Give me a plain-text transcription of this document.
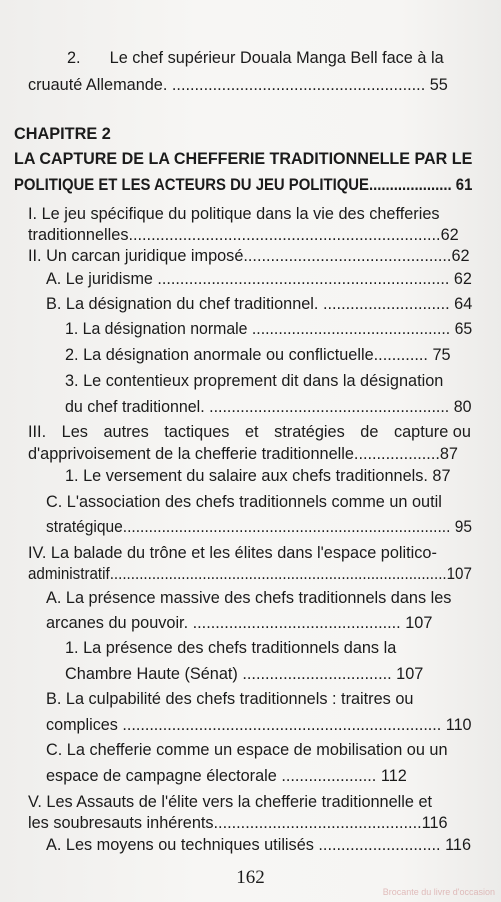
2. Le chef supérieur Douala Manga Bell face à la
cruauté Allemande. ........................................................ 55
CHAPITRE 2
LA CAPTURE DE LA CHEFFERIE TRADITIONNELLE PAR LE
POLITIQUE ET LES ACTEURS DU JEU POLITIQUE.................... 61
I. Le jeu spécifique du politique dans la vie des chefferies
traditionnelles.....................................................................62
II. Un carcan juridique imposé..............................................62
A. Le juridisme ................................................................. 62
B. La désignation du chef traditionnel. ............................ 64
1. La désignation normale ............................................. 65
2. La désignation anormale ou conflictuelle............ 75
3. Le contentieux proprement dit dans la désignation
du chef traditionnel. ...................................................... 80
III. Les autres tactiques et stratégies de capture ou
d'apprivoisement de la chefferie traditionnelle...................87
1. Le versement du salaire aux chefs traditionnels. 87
C. L'association des chefs traditionnels comme un outil
stratégique............................................................................ 95
IV. La balade du trône et les élites dans l'espace politico-
administratif................................................................................107
A. La présence massive des chefs traditionnels dans les
arcanes du pouvoir. .............................................. 107
1. La présence des chefs traditionnels dans la
Chambre Haute (Sénat) ................................. 107
B. La culpabilité des chefs traditionnels : traitres ou
complices ....................................................................... 110
C. La chefferie comme un espace de mobilisation ou un
espace de campagne électorale ..................... 112
V. Les Assauts de l'élite vers la chefferie traditionnelle et
les soubresauts inhérents..............................................116
A. Les moyens ou techniques utilisés ........................... 116
162
Brocante du livre d'occasion
